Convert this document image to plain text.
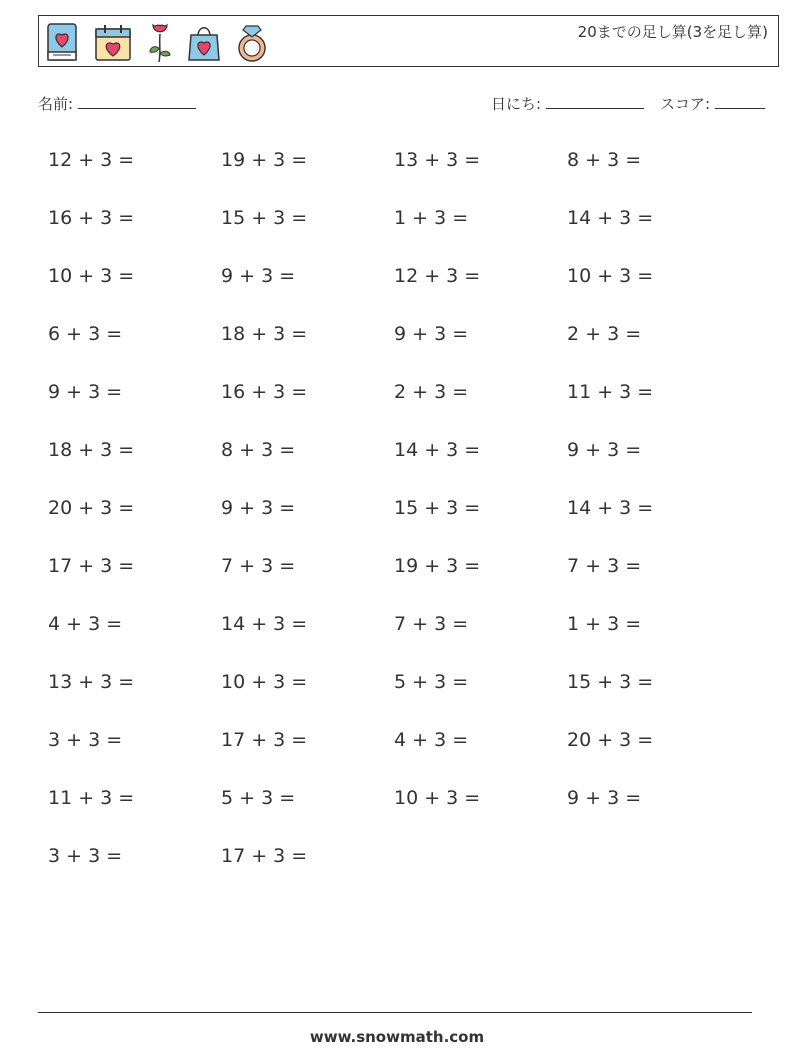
20までの足し算(3を足し算)
名前:	日にち:	スコア:
12 + 3 =	19 + 3 =	13 + 3 =	8 + 3 =
16 + 3 =	15 + 3 =	1 + 3 =	14 + 3 =
10 + 3 =	9 + 3 =	12 + 3 =	10 + 3 =
6 + 3 =	18 + 3 =	9 + 3 =	2 + 3 =
9 + 3 =	16 + 3 =	2 + 3 =	11 + 3 =
18 + 3 =	8 + 3 =	14 + 3 =	9 + 3 =
20 + 3 =	9 + 3 =	15 + 3 =	14 + 3 =
17 + 3 =	7 + 3 =	19 + 3 =	7 + 3 =
4 + 3 =	14 + 3 =	7 + 3 =	1 + 3 =
13 + 3 =	10 + 3 =	5 + 3 =	15 + 3 =
3 + 3 =	17 + 3 =	4 + 3 =	20 + 3 =
11 + 3 =	5 + 3 =	10 + 3 =	9 + 3 =
3 + 3 =	17 + 3 =
www.snowmath.com
